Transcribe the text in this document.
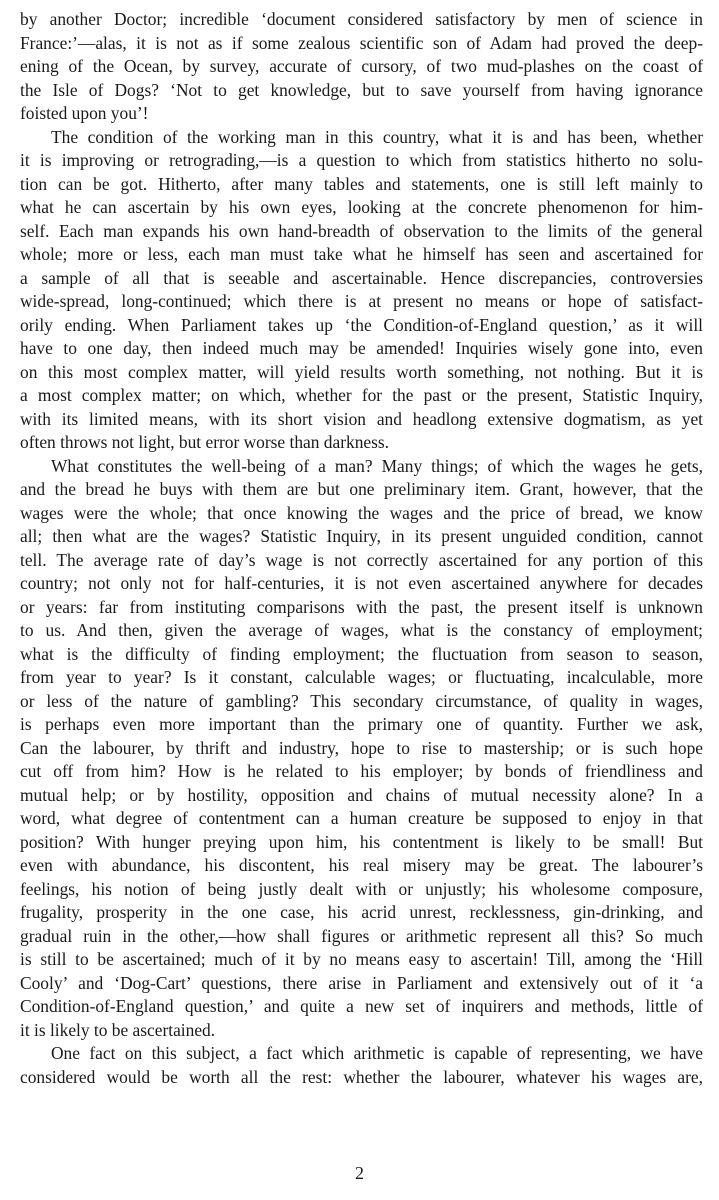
by another Doctor; incredible ‘document considered satisfactory by men of science in
France:’—alas, it is not as if some zealous scientific son of Adam had proved the deep-
ening of the Ocean, by survey, accurate of cursory, of two mud-plashes on the coast of
the Isle of Dogs? ‘Not to get knowledge, but to save yourself from having ignorance
foisted upon you’!
The condition of the working man in this country, what it is and has been, whether
it is improving or retrograding,—is a question to which from statistics hitherto no solu-
tion can be got. Hitherto, after many tables and statements, one is still left mainly to
what he can ascertain by his own eyes, looking at the concrete phenomenon for him-
self. Each man expands his own hand-breadth of observation to the limits of the general
whole; more or less, each man must take what he himself has seen and ascertained for
a sample of all that is seeable and ascertainable. Hence discrepancies, controversies
wide-spread, long-continued; which there is at present no means or hope of satisfact-
orily ending. When Parliament takes up ‘the Condition-of-England question,’ as it will
have to one day, then indeed much may be amended! Inquiries wisely gone into, even
on this most complex matter, will yield results worth something, not nothing. But it is
a most complex matter; on which, whether for the past or the present, Statistic Inquiry,
with its limited means, with its short vision and headlong extensive dogmatism, as yet
often throws not light, but error worse than darkness.
What constitutes the well-being of a man? Many things; of which the wages he gets,
and the bread he buys with them are but one preliminary item. Grant, however, that the
wages were the whole; that once knowing the wages and the price of bread, we know
all; then what are the wages? Statistic Inquiry, in its present unguided condition, cannot
tell. The average rate of day’s wage is not correctly ascertained for any portion of this
country; not only not for half-centuries, it is not even ascertained anywhere for decades
or years: far from instituting comparisons with the past, the present itself is unknown
to us. And then, given the average of wages, what is the constancy of employment;
what is the difficulty of finding employment; the fluctuation from season to season,
from year to year? Is it constant, calculable wages; or fluctuating, incalculable, more
or less of the nature of gambling? This secondary circumstance, of quality in wages,
is perhaps even more important than the primary one of quantity. Further we ask,
Can the labourer, by thrift and industry, hope to rise to mastership; or is such hope
cut off from him? How is he related to his employer; by bonds of friendliness and
mutual help; or by hostility, opposition and chains of mutual necessity alone? In a
word, what degree of contentment can a human creature be supposed to enjoy in that
position? With hunger preying upon him, his contentment is likely to be small! But
even with abundance, his discontent, his real misery may be great. The labourer’s
feelings, his notion of being justly dealt with or unjustly; his wholesome composure,
frugality, prosperity in the one case, his acrid unrest, recklessness, gin-drinking, and
gradual ruin in the other,—how shall figures or arithmetic represent all this? So much
is still to be ascertained; much of it by no means easy to ascertain! Till, among the ‘Hill
Cooly’ and ‘Dog-Cart’ questions, there arise in Parliament and extensively out of it ‘a
Condition-of-England question,’ and quite a new set of inquirers and methods, little of
it is likely to be ascertained.
One fact on this subject, a fact which arithmetic is capable of representing, we have
considered would be worth all the rest: whether the labourer, whatever his wages are,
2
